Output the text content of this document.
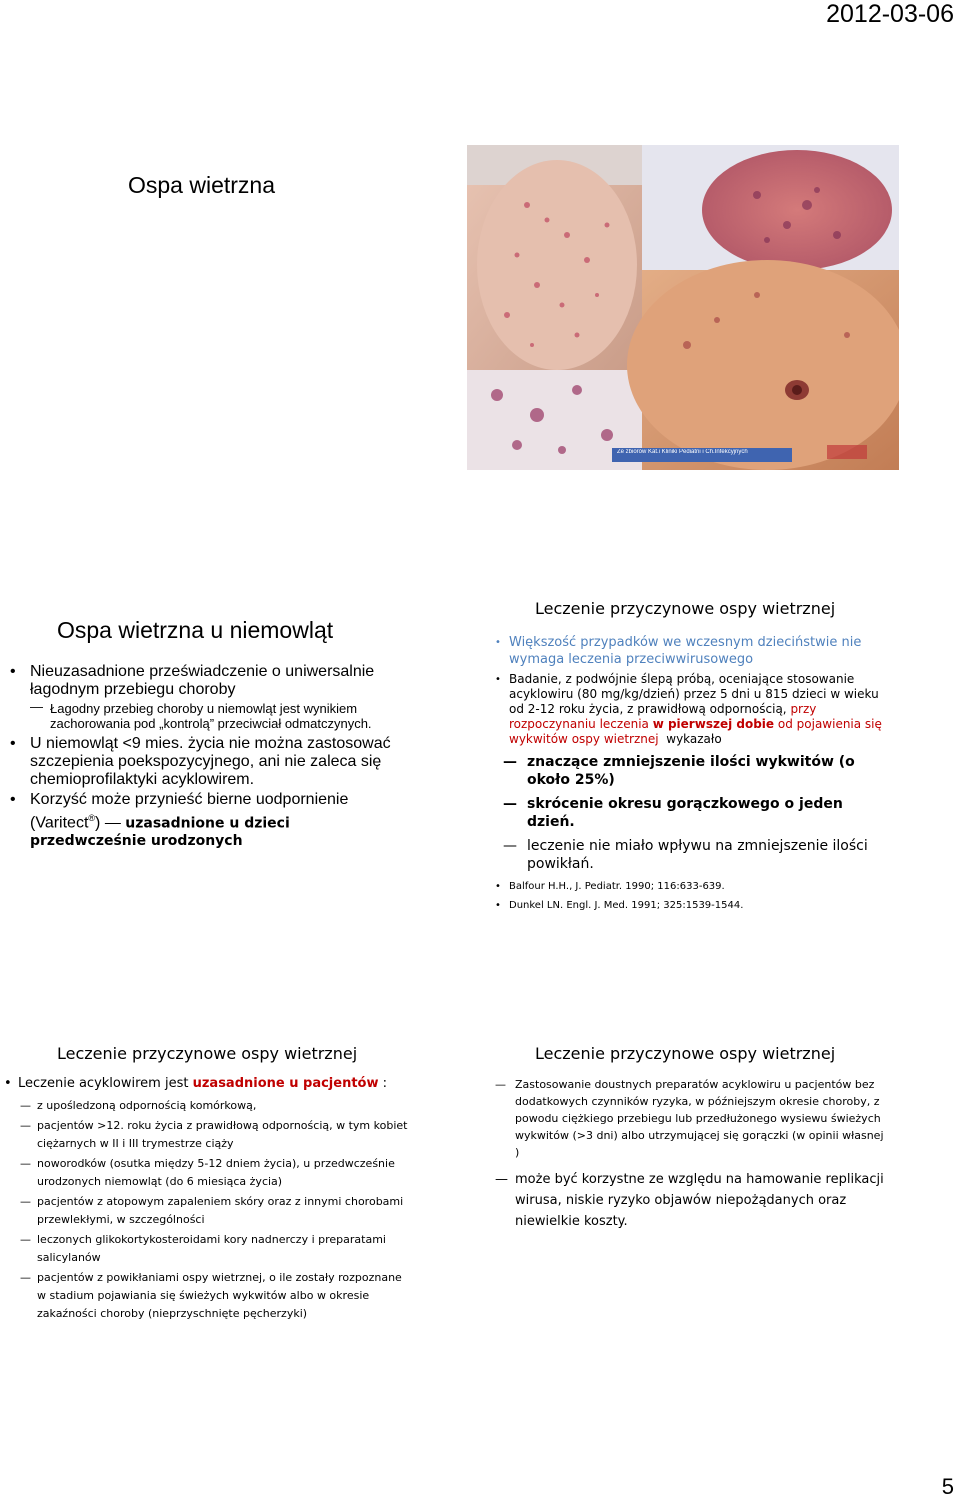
2012-03-06
Ospa wietrzna
Ze zbiorów Kat.i Kliniki Pediatrii i Ch.Infekcyjnych
Ospa wietrzna u niemowląt
• Nieuzasadnione przeświadczenie o uniwersalnie łagodnym przebiegu choroby
— Łagodny przebieg choroby u niemowląt jest wynikiem zachorowania pod „kontrolą” przeciwciał odmatczynych.
• U niemowląt <9 mies. życia nie można zastosować szczepienia poekspozycyjnego, ani nie zaleca się chemioprofilaktyki acyklowirem.
• Korzyść może przynieść bierne uodpornienie (Varitect®) — uzasadnione u dzieci przedwcześnie urodzonych
Leczenie przyczynowe ospy wietrznej
• Większość przypadków we wczesnym dzieciństwie nie wymaga leczenia przeciwwirusowego
• Badanie, z podwójnie ślepą próbą, oceniające stosowanie acyklowiru (80 mg/kg/dzień) przez 5 dni u 815 dzieci w wieku od 2-12 roku życia, z prawidłową odpornością, przy rozpoczynaniu leczenia w pierwszej dobie od pojawienia się wykwitów ospy wietrznej wykazało
— znaczące zmniejszenie ilości wykwitów (o około 25%)
— skrócenie okresu gorączkowego o jeden dzień.
— leczenie nie miało wpływu na zmniejszenie ilości powikłań.
• Balfour H.H., J. Pediatr. 1990; 116:633-639.
• Dunkel LN. Engl. J. Med. 1991; 325:1539-1544.
Leczenie przyczynowe ospy wietrznej
• Leczenie acyklowirem jest uzasadnione u pacjentów :
— z upośledzoną odpornością komórkową,
— pacjentów >12. roku życia z prawidłową odpornością, w tym kobiet ciężarnych w II i III trymestrze ciąży
— noworodków (osutka między 5-12 dniem życia), u przedwcześnie urodzonych niemowląt (do 6 miesiąca życia)
— pacjentów z atopowym zapaleniem skóry oraz z innymi chorobami przewlekłymi, w szczególności
— leczonych glikokortykosteroidami kory nadnerczy i preparatami salicylanów
— pacjentów z powikłaniami ospy wietrznej, o ile zostały rozpoznane w stadium pojawiania się świeżych wykwitów albo w okresie zakaźności choroby (nieprzyschnięte pęcherzyki)
Leczenie przyczynowe ospy wietrznej
— Zastosowanie doustnych preparatów acyklowiru u pacjentów bez dodatkowych czynników ryzyka, w późniejszym okresie choroby, z powodu ciężkiego przebiegu lub przedłużonego wysiewu świeżych wykwitów (>3 dni) albo utrzymującej się gorączki (w opinii własnej )
— może być korzystne ze względu na hamowanie replikacji wirusa, niskie ryzyko objawów niepożądanych oraz niewielkie koszty.
5
